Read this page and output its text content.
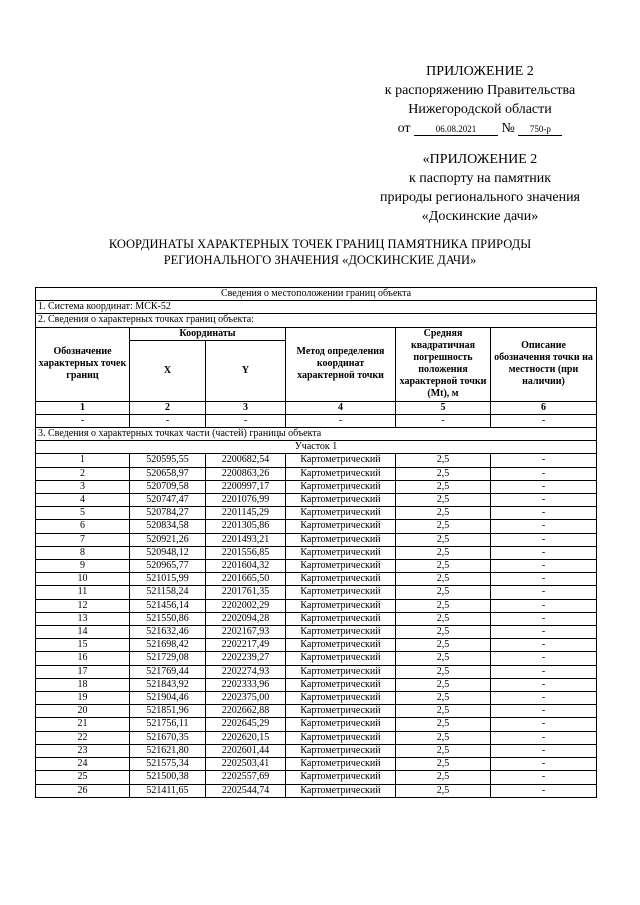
ПРИЛОЖЕНИЕ 2
к распоряжению Правительства
Нижегородской области
от	06.08.2021 № 750-р
«ПРИЛОЖЕНИЕ 2
к паспорту на памятник
природы регионального значения
«Доскинские дачи»
КООРДИНАТЫ ХАРАКТЕРНЫХ ТОЧЕК ГРАНИЦ ПАМЯТНИКА ПРИРОДЫ
РЕГИОНАЛЬНОГО ЗНАЧЕНИЯ «ДОСКИНСКИЕ ДАЧИ»
Сведения о местоположении границ объекта					
1. Система координат: МСК-52					
2. Сведения о характерных точках границ объекта:					
Обозначение характерных точек границ	Координаты		Метод определения координат характерной точки	Средняя квадратичная погрешность положения характерной точки (Mt), м	Описание обозначения точки на местности (при наличии)
	X	Y			
1	2	3	4	5	6
-	-	-	-	-	-
3. Сведения о характерных точках части (частей) границы объекта					
Участок 1					
1	520595,55	2200682,54	Картометрический	2,5	-
2	520658,97	2200863,26	Картометрический	2,5	-
3	520709,58	2200997,17	Картометрический	2,5	-
4	520747,47	2201076,99	Картометрический	2,5	-
5	520784,27	2201145,29	Картометрический	2,5	-
6	520834,58	2201305,86	Картометрический	2,5	-
7	520921,26	2201493,21	Картометрический	2,5	-
8	520948,12	2201556,85	Картометрический	2,5	-
9	520965,77	2201604,32	Картометрический	2,5	-
10	521015,99	2201665,50	Картометрический	2,5	-
11	521158,24	2201761,35	Картометрический	2,5	-
12	521456,14	2202002,29	Картометрический	2,5	-
13	521550,86	2202094,28	Картометрический	2,5	-
14	521632,46	2202167,93	Картометрический	2,5	-
15	521698,42	2202217,49	Картометрический	2,5	-
16	521729,08	2202239,27	Картометрический	2,5	-
17	521769,44	2202274,93	Картометрический	2,5	-
18	521843,92	2202333,96	Картометрический	2,5	-
19	521904,46	2202375,00	Картометрический	2,5	-
20	521851,96	2202662,88	Картометрический	2,5	-
21	521756,11	2202645,29	Картометрический	2,5	-
22	521670,35	2202620,15	Картометрический	2,5	-
23	521621,80	2202601,44	Картометрический	2,5	-
24	521575,34	2202503,41	Картометрический	2,5	-
25	521500,38	2202557,69	Картометрический	2,5	-
26	521411,65	2202544,74	Картометрический	2,5	-
